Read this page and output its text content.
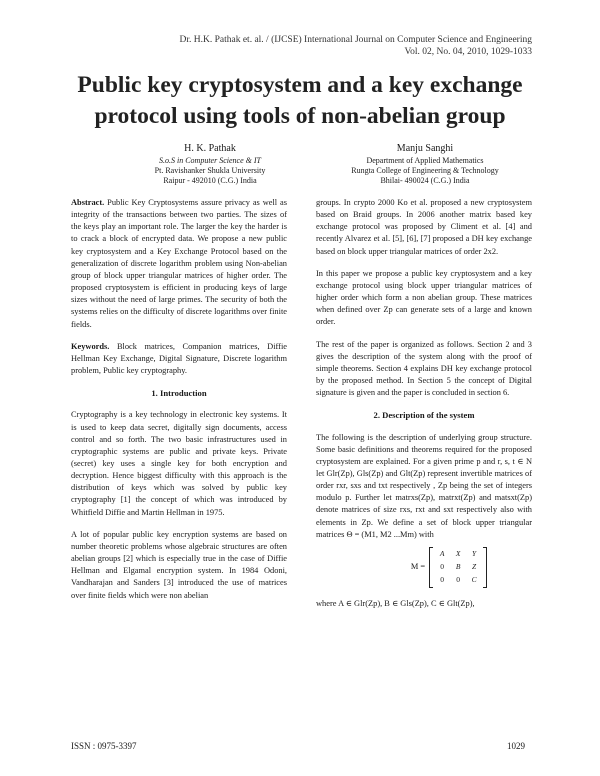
Dr. H.K. Pathak et. al. / (IJCSE) International Journal on Computer Science and Engineering
Vol. 02, No. 04, 2010, 1029-1033
Public key cryptosystem and a key exchange
protocol using tools of non-abelian group
H. K. Pathak
S.o.S in Computer Science & IT
Pt. Ravishanker Shukla University
Raipur - 492010 (C.G.) India
Manju Sanghi
Department of Applied Mathematics
Rungta College of Engineering & Technology
Bhilai- 490024 (C.G.) India

Abstract. Public Key Cryptosystems assure privacy as well as integrity of the transactions between two parties. The sizes of the keys play an important role. The larger the key the harder is to crack a block of encrypted data. We propose a new public key cryptosystem and a Key Exchange Protocol based on the generalization of discrete logarithm problem using Non-abelian group of block upper triangular matrices of higher order. The proposed cryptosystem is efficient in producing keys of large sizes without the need of large primes. The security of both the systems relies on the difficulty of discrete logarithms over finite fields.

Keywords. Block matrices, Companion matrices, Diffie Hellman Key Exchange, Digital Signature, Discrete logarithm problem, Public key cryptography.

1. Introduction

Cryptography is a key technology in electronic key systems. It is used to keep data secret, digitally sign documents, access control and so forth. The two basic infrastructures used in cryptographic systems are public and private keys. Private (secret) key uses a single key for both encryption and decryption. Hence biggest difficulty with this approach is the distribution of keys which was solved by public key cryptography [1] the concept of which was introduced by Whitfield Diffie and Martin Hellman in 1975.

A lot of popular public key encryption systems are based on number theoretic problems whose algebraic structures are often abelian groups [2] which is especially true in the case of Diffie Hellman and Elgamal encryption system. In 1984 Odoni, Vandharajan and Sanders [3] introduced the use of matrices over finite fields which were non abelian

groups. In crypto 2000 Ko et al. proposed a new cryptosystem based on Braid groups. In 2006 another matrix based key exchange protocol was proposed by Climent et al. [4] and recently Alvarez et al. [5], [6], [7] proposed a DH key exchange based on block upper triangular matrices of order 2x2.

In this paper we propose a public key cryptosystem and a key exchange protocol using block upper triangular matrices of higher order which form a non abelian group. These matrices when defined over Zp can generate sets of a large and known order.

The rest of the paper is organized as follows. Section 2 and 3 gives the description of the system along with the proof of simple theorems. Section 4 explains DH key exchange protocol by the proposed method. In Section 5 the concept of Digital signature is given and the paper is concluded in section 6.

2. Description of the system

The following is the description of underlying group structure. Some basic definitions and theorems required for the proposed cryptosystem are explained. For a given prime p and r, s, t ∈ N let Glr(Zp), Gls(Zp) and Glt(Zp) represent invertible matrices of order rxr, sxs and txt respectively , Zp being the set of integers modulo p. Further let matrxs(Zp), matrxt(Zp) and matsxt(Zp) denote matrices of size rxs, rxt and sxt respectively also with elements in Zp. We define a set of block upper triangular matrices Θ = (M1, M2 ...Mm) with

M =
A	X	Y
0	B	Z
0	0	C

where A ∈ Glr(Zp), B ∈ Gls(Zp), C ∈ Glt(Zp),

ISSN : 0975-3397	1029
